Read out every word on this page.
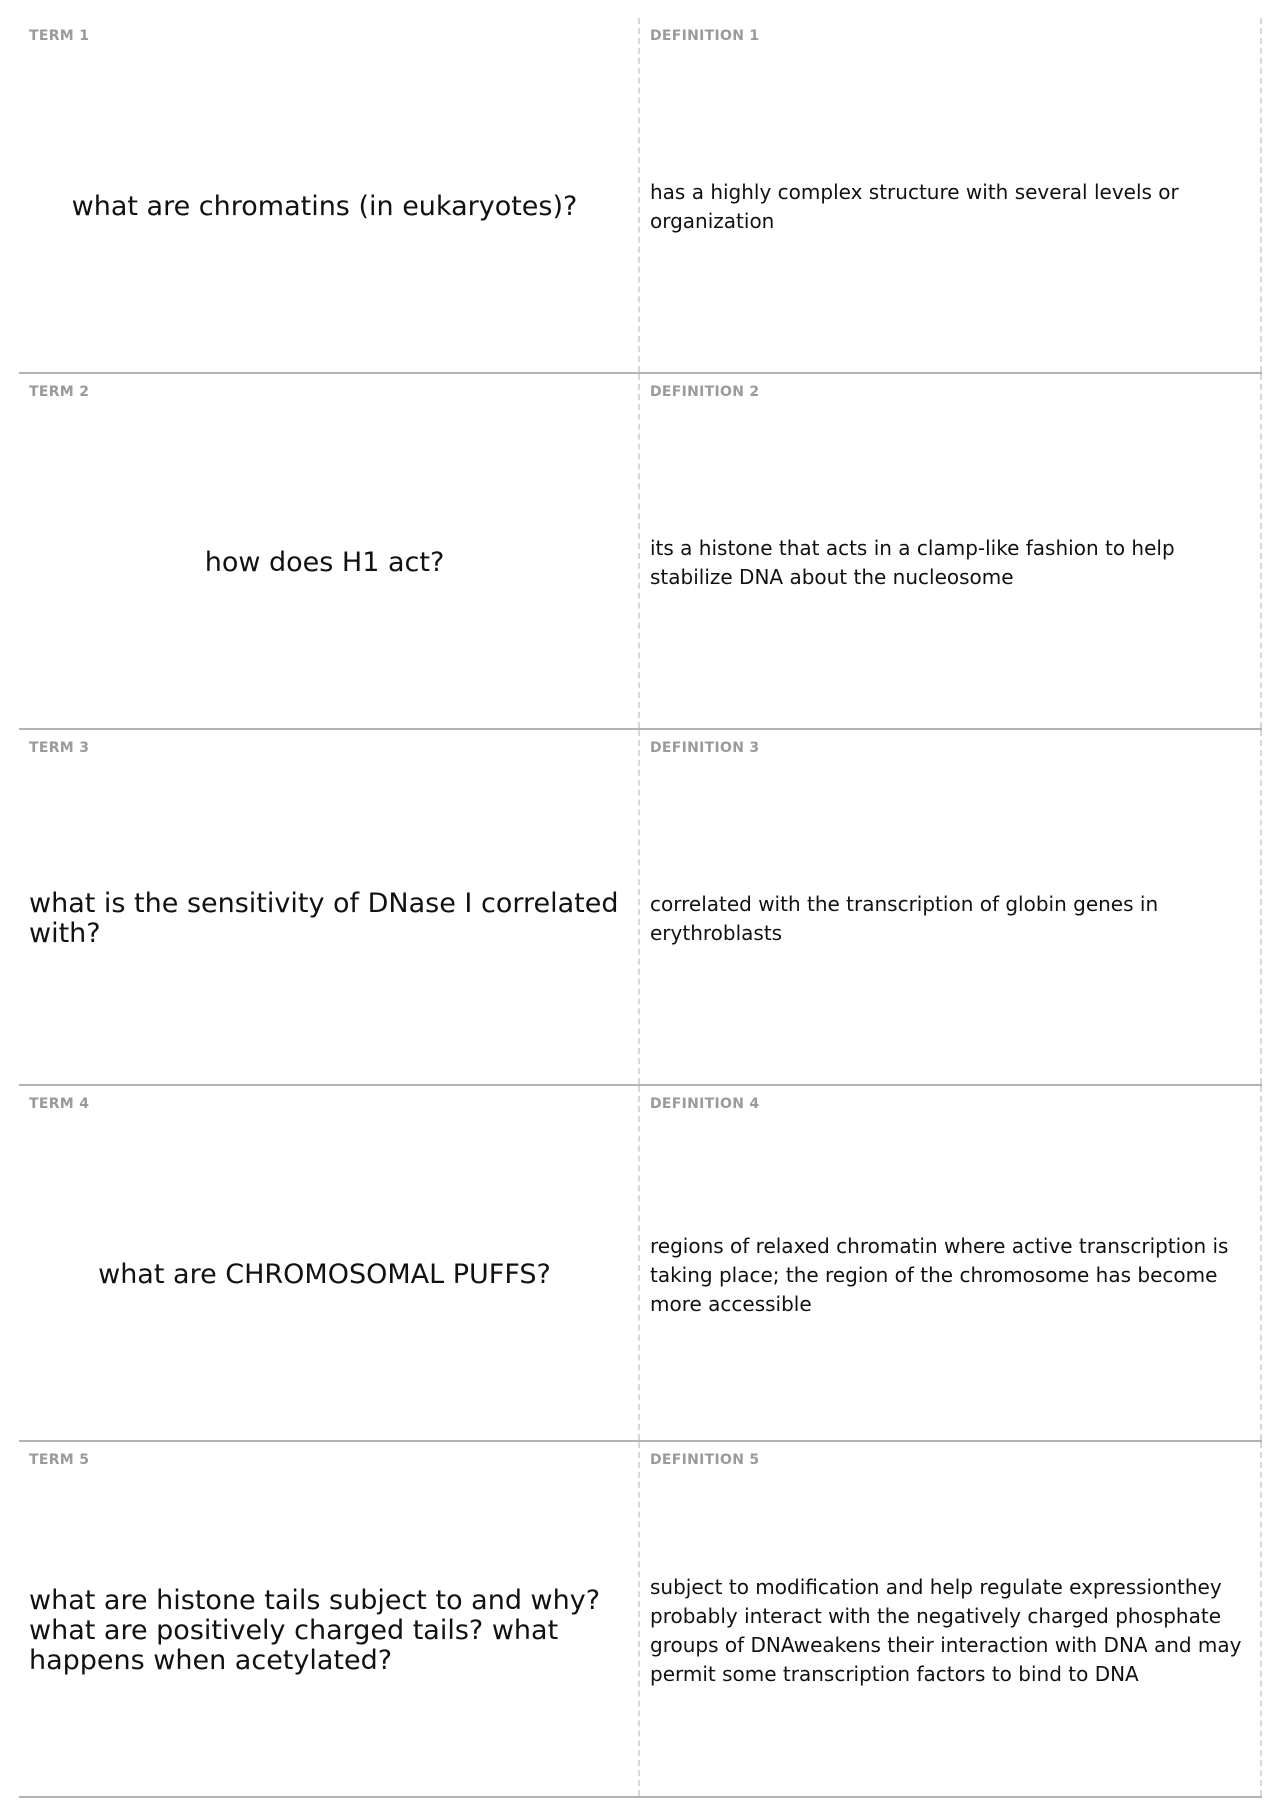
TERM 1
what are chromatins (in eukaryotes)?
DEFINITION 1
has a highly complex structure with several levels or organization
TERM 2
how does H1 act?
DEFINITION 2
its a histone that acts in a clamp-like fashion to help stabilize DNA about the nucleosome
TERM 3
what is the sensitivity of DNase I correlated with?
DEFINITION 3
correlated with the transcription of globin genes in erythroblasts
TERM 4
what are CHROMOSOMAL PUFFS?
DEFINITION 4
regions of relaxed chromatin where active transcription is taking place; the region of the chromosome has become more accessible
TERM 5
what are histone tails subject to and why? what are positively charged tails? what happens when acetylated?
DEFINITION 5
subject to modification and help regulate expressionthey probably interact with the negatively charged phosphate groups of DNAweakens their interaction with DNA and may permit some transcription factors to bind to DNA
